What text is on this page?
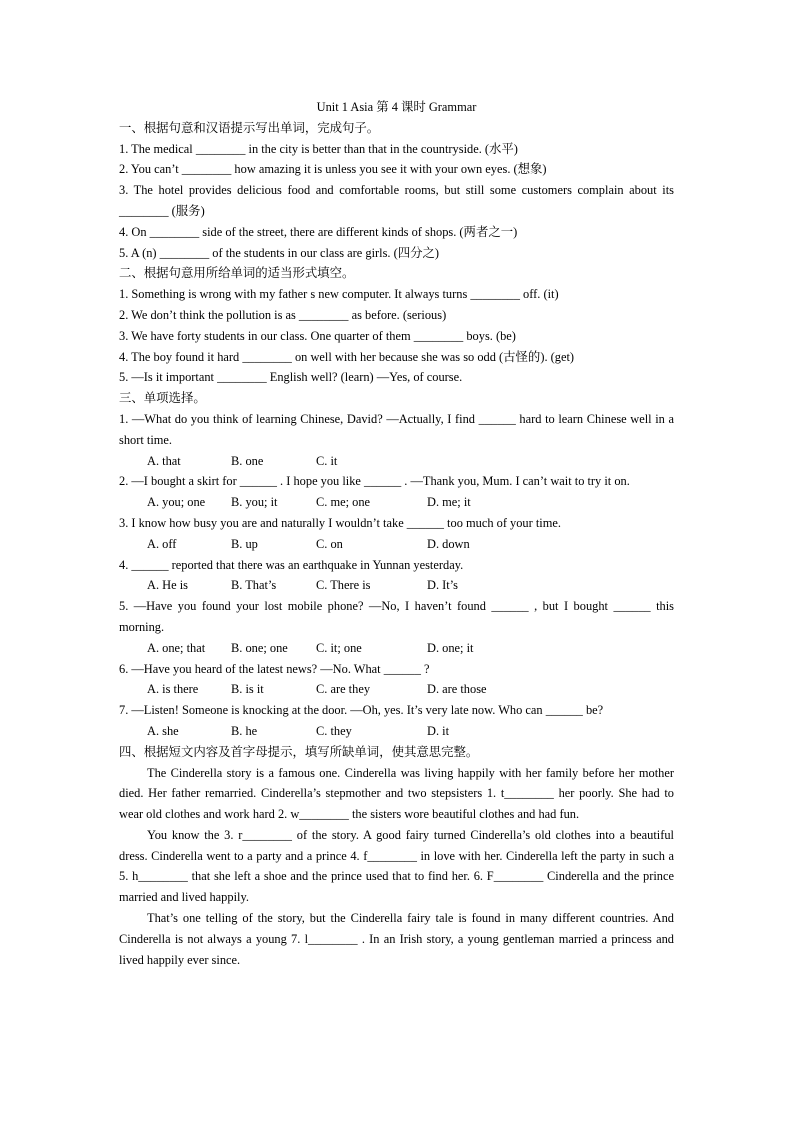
Unit 1 Asia 第 4 课时 Grammar
一、根据句意和汉语提示写出单词，完成句子。
1. The medical ________ in the city is better than that in the countryside. (水平)
2. You can’t ________ how amazing it is unless you see it with your own eyes. (想象)
3. The hotel provides delicious food and comfortable rooms, but still some customers complain about its ________ (服务)
4. On ________ side of the street, there are different kinds of shops. (两者之一)
5. A (n) ________ of the students in our class are girls. (四分之)
二、根据句意用所给单词的适当形式填空。
1. Something is wrong with my father s new computer. It always turns ________ off. (it)
2. We don’t think the pollution is as ________ as before. (serious)
3. We have forty students in our class. One quarter of them ________ boys. (be)
4. The boy found it hard ________ on well with her because she was so odd (古怪的). (get)
5. —Is it important ________ English well? (learn) —Yes, of course.
三、单项选择。
1. —What do you think of learning Chinese, David? —Actually, I find ______ hard to learn Chinese well in a short time.
A. that	B. one	C. it
2. —I bought a skirt for ______ . I hope you like ______ . —Thank you, Mum. I can’t wait to try it on.
A. you; one	B. you; it	C. me; one	D. me; it
3. I know how busy you are and naturally I wouldn’t take ______ too much of your time.
A. off	B. up	C. on	D. down
4. ______ reported that there was an earthquake in Yunnan yesterday.
A. He is	B. That’s	C. There is	D. It’s
5. —Have you found your lost mobile phone? —No, I haven’t found ______ , but I bought ______ this morning.
A. one; that	B. one; one	C. it; one	D. one; it
6. —Have you heard of the latest news? —No. What ______ ?
A. is there	B. is it	C. are they	D. are those
7. —Listen! Someone is knocking at the door. —Oh, yes. It’s very late now. Who can ______ be?
A. she	B. he	C. they	D. it
四、根据短文内容及首字母提示，填写所缺单词，使其意思完整。
The Cinderella story is a famous one. Cinderella was living happily with her family before her mother died. Her father remarried. Cinderella’s stepmother and two stepsisters 1. t________ her poorly. She had to wear old clothes and work hard 2. w________ the sisters wore beautiful clothes and had fun.
You know the 3. r________ of the story. A good fairy turned Cinderella’s old clothes into a beautiful dress. Cinderella went to a party and a prince 4. f________ in love with her. Cinderella left the party in such a 5. h________ that she left a shoe and the prince used that to find her. 6. F________ Cinderella and the prince married and lived happily.
That’s one telling of the story, but the Cinderella fairy tale is found in many different countries. And Cinderella is not always a young 7. l________ . In an Irish story, a young gentleman married a princess and lived happily ever since.
